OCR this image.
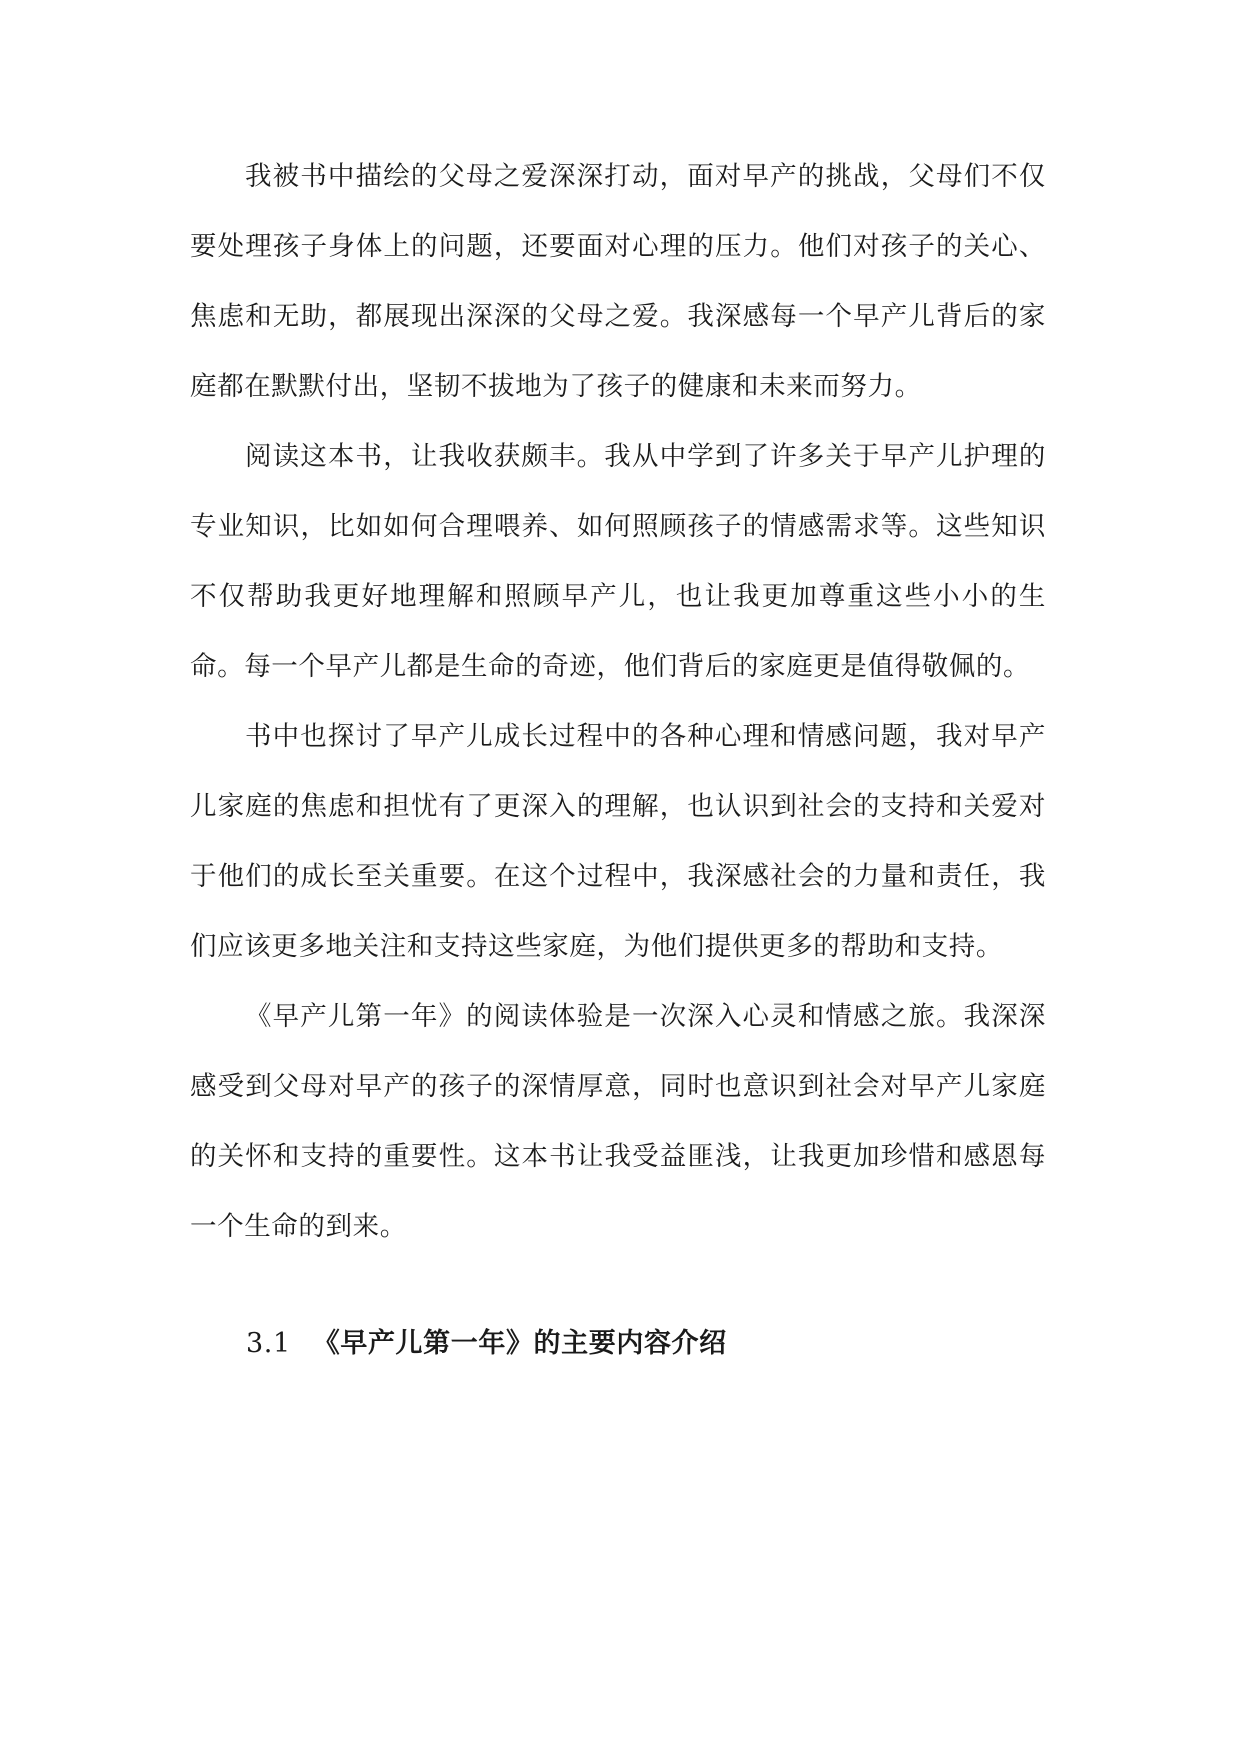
我被书中描绘的父母之爱深深打动，面对早产的挑战，父母们不仅要处理孩子身体上的问题，还要面对心理的压力。他们对孩子的关心、焦虑和无助，都展现出深深的父母之爱。我深感每一个早产儿背后的家庭都在默默付出，坚韧不拔地为了孩子的健康和未来而努力。

阅读这本书，让我收获颇丰。我从中学到了许多关于早产儿护理的专业知识，比如如何合理喂养、如何照顾孩子的情感需求等。这些知识不仅帮助我更好地理解和照顾早产儿，也让我更加尊重这些小小的生命。每一个早产儿都是生命的奇迹，他们背后的家庭更是值得敬佩的。

书中也探讨了早产儿成长过程中的各种心理和情感问题，我对早产儿家庭的焦虑和担忧有了更深入的理解，也认识到社会的支持和关爱对于他们的成长至关重要。在这个过程中，我深感社会的力量和责任，我们应该更多地关注和支持这些家庭，为他们提供更多的帮助和支持。

《早产儿第一年》的阅读体验是一次深入心灵和情感之旅。我深深感受到父母对早产的孩子的深情厚意，同时也意识到社会对早产儿家庭的关怀和支持的重要性。这本书让我受益匪浅，让我更加珍惜和感恩每一个生命的到来。

3.1 《早产儿第一年》的主要内容介绍
